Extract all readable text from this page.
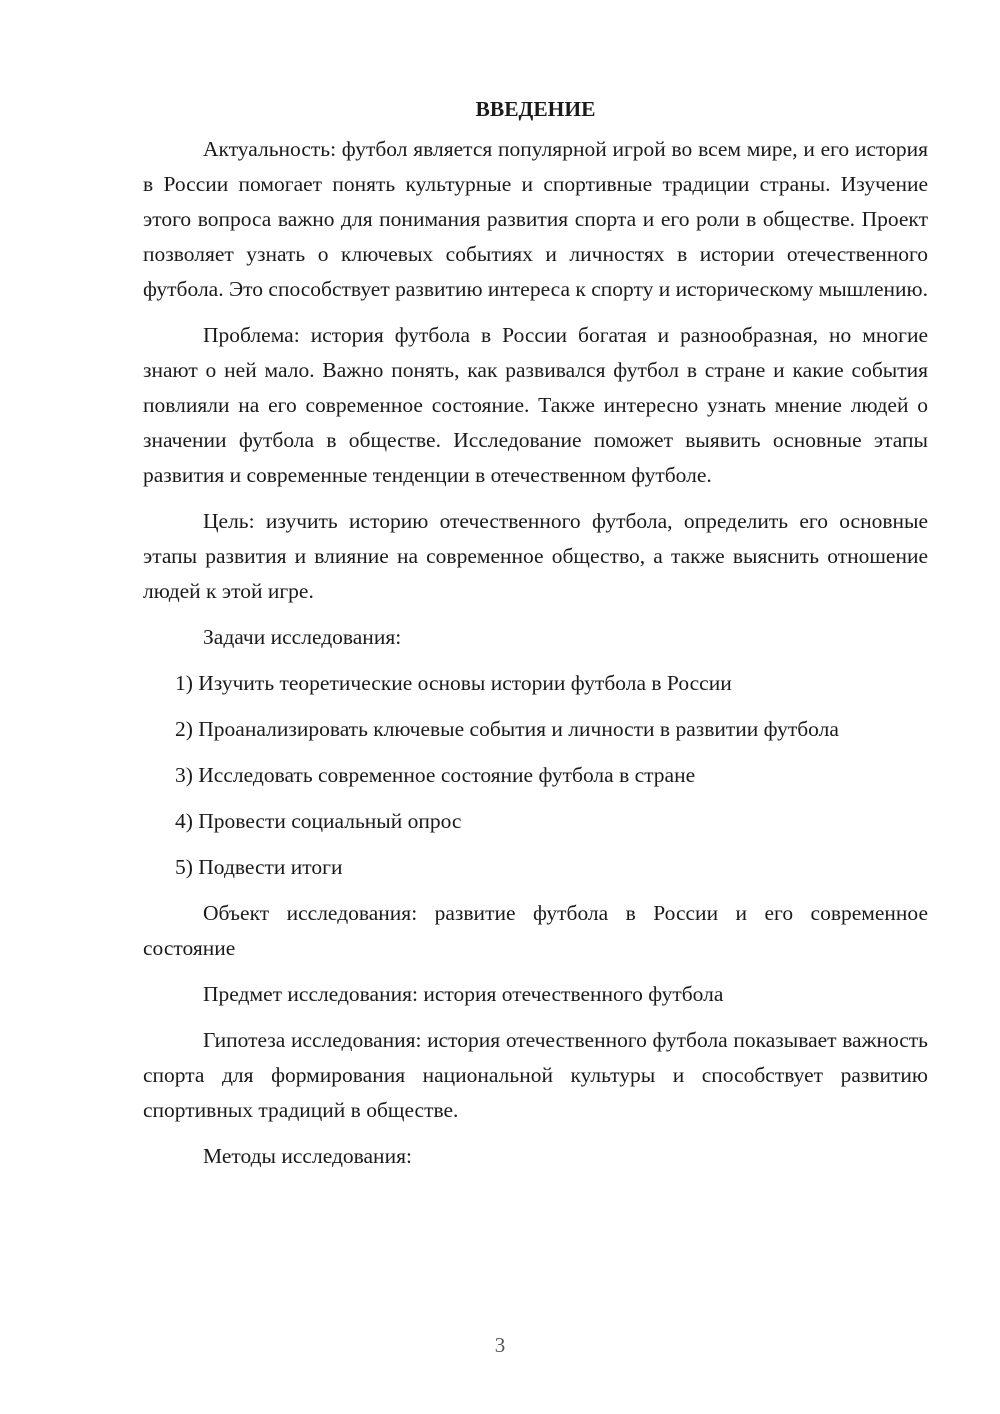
ВВЕДЕНИЕ

Актуальность: футбол является популярной игрой во всем мире, и его история в России помогает понять культурные и спортивные традиции страны. Изучение этого вопроса важно для понимания развития спорта и его роли в обществе. Проект позволяет узнать о ключевых событиях и личностях в истории отечественного футбола. Это способствует развитию интереса к спорту и историческому мышлению.

Проблема: история футбола в России богатая и разнообразная, но многие знают о ней мало. Важно понять, как развивался футбол в стране и какие события повлияли на его современное состояние. Также интересно узнать мнение людей о значении футбола в обществе. Исследование поможет выявить основные этапы развития и современные тенденции в отечественном футболе.

Цель: изучить историю отечественного футбола, определить его основные этапы развития и влияние на современное общество, а также выяснить отношение людей к этой игре.

Задачи исследования:

1) Изучить теоретические основы истории футбола в России

2) Проанализировать ключевые события и личности в развитии футбола

3) Исследовать современное состояние футбола в стране

4) Провести социальный опрос

5) Подвести итоги

Объект исследования: развитие футбола в России и его современное состояние

Предмет исследования: история отечественного футбола

Гипотеза исследования: история отечественного футбола показывает важность спорта для формирования национальной культуры и способствует развитию спортивных традиций в обществе.

Методы исследования:

3
